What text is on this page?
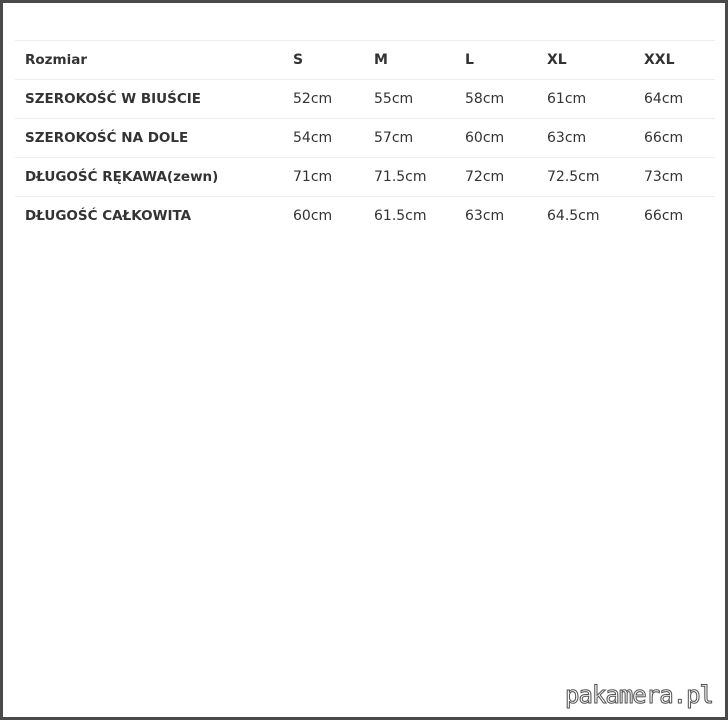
Rozmiar	S	M	L	XL	XXL
SZEROKOŚĆ W BIUŚCIE	52cm	55cm	58cm	61cm	64cm
SZEROKOŚĆ NA DOLE	54cm	57cm	60cm	63cm	66cm
DŁUGOŚĆ RĘKAWA(zewn)	71cm	71.5cm	72cm	72.5cm	73cm
DŁUGOŚĆ CAŁKOWITA	60cm	61.5cm	63cm	64.5cm	66cm
pakamera.pl
